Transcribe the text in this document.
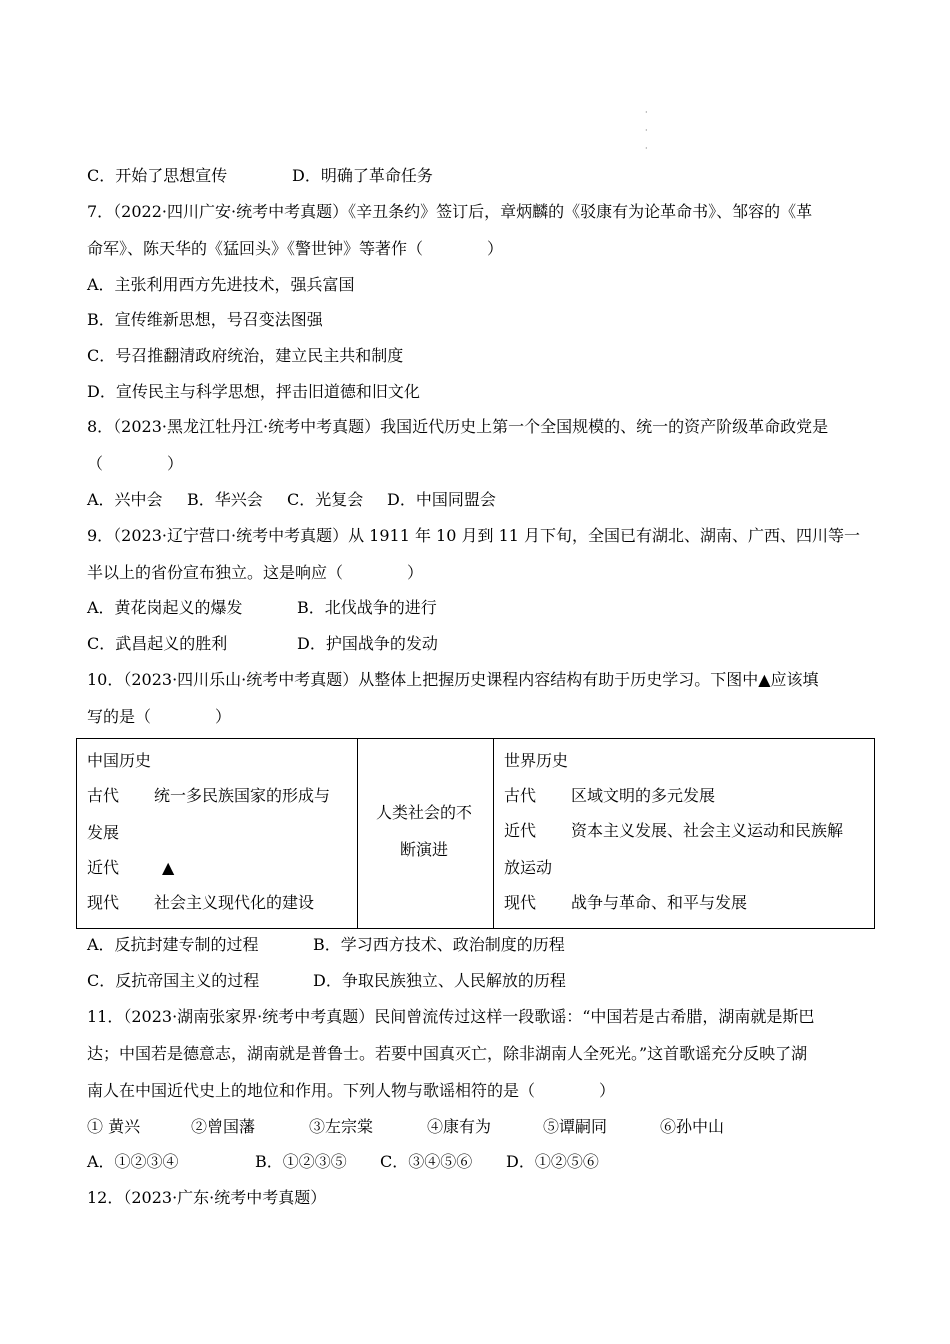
·
·
·
C．开始了思想宣传	D．明确了革命任务
7．（2022·四川广安·统考中考真题）《辛丑条约》签订后，章炳麟的《驳康有为论革命书》、邹容的《革
命军》、陈天华的《猛回头》《警世钟》等著作（　　　　）
A．主张利用西方先进技术，强兵富国
B．宣传维新思想，号召变法图强
C．号召推翻清政府统治，建立民主共和制度
D．宣传民主与科学思想，抨击旧道德和旧文化
8．（2023·黑龙江牡丹江·统考中考真题）我国近代历史上第一个全国规模的、统一的资产阶级革命政党是
（　　　　）
A．兴中会 B．华兴会 C．光复会 D．中国同盟会
9．（2023·辽宁营口·统考中考真题）从 1911 年 10 月到 11 月下旬，全国已有湖北、湖南、广西、四川等一
半以上的省份宣布独立。这是响应（　　　　）
A．黄花岗起义的爆发	B．北伐战争的进行
C．武昌起义的胜利	D．护国战争的发动
10．（2023·四川乐山·统考中考真题）从整体上把握历史课程内容结构有助于历史学习。下图中▲应该填
写的是（　　　　）
中国历史
古代 统一多民族国家的形成与
发展
近代	▲
现代 社会主义现代化的建设

人类社会的不
断演进

世界历史
古代 区域文明的多元发展
近代 资本主义发展、社会主义运动和民族解
放运动
现代 战争与革命、和平与发展
A．反抗封建专制的过程	B．学习西方技术、政治制度的历程
C．反抗帝国主义的过程	D．争取民族独立、人民解放的历程
11．（2023·湖南张家界·统考中考真题）民间曾流传过这样一段歌谣：“中国若是古希腊，湖南就是斯巴
达；中国若是德意志，湖南就是普鲁士。若要中国真灭亡，除非湖南人全死光。”这首歌谣充分反映了湖
南人在中国近代史上的地位和作用。下列人物与歌谣相符的是（　　　　）
① 黄兴	②曾国藩	③左宗棠	④康有为	⑤谭嗣同	⑥孙中山
A．①②③④	B．①②③⑤ C．③④⑤⑥ D．①②⑤⑥
12．（2023·广东·统考中考真题）
